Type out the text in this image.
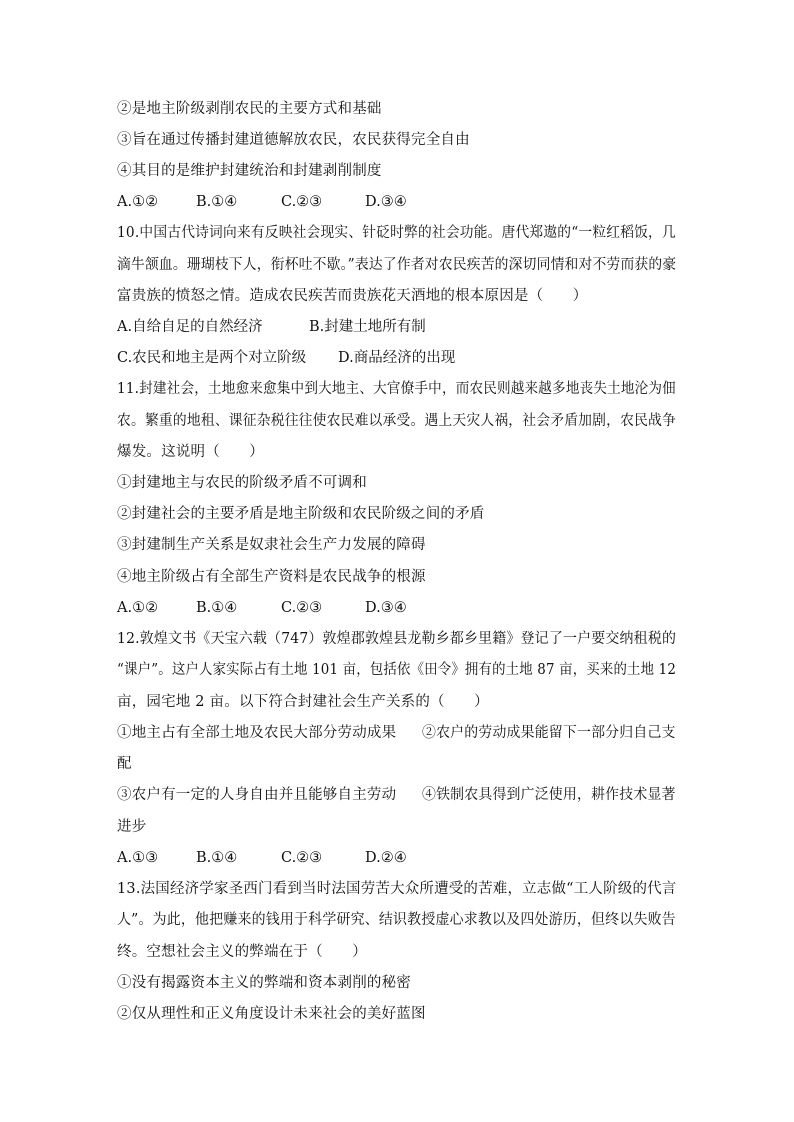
②是地主阶级剥削农民的主要方式和基础
③旨在通过传播封建道德解放农民，农民获得完全自由
④其目的是维护封建统治和封建剥削制度
A.①②	B.①④	C.②③	D.③④
10.中国古代诗词向来有反映社会现实、针砭时弊的社会功能。唐代郑遨的“一粒红稻饭，几
滴牛颔血。珊瑚枝下人，衔杯吐不歇。”表达了作者对农民疾苦的深切同情和对不劳而获的豪
富贵族的愤怒之情。造成农民疾苦而贵族花天酒地的根本原因是（　　）
A.自给自足的自然经济	B.封建土地所有制
C.农民和地主是两个对立阶级 D.商品经济的出现
11.封建社会，土地愈来愈集中到大地主、大官僚手中，而农民则越来越多地丧失土地沦为佃
农。繁重的地租、课征杂税往往使农民难以承受。遇上天灾人祸，社会矛盾加剧，农民战争
爆发。这说明（　　）
①封建地主与农民的阶级矛盾不可调和
②封建社会的主要矛盾是地主阶级和农民阶级之间的矛盾
③封建制生产关系是奴隶社会生产力发展的障碍
④地主阶级占有全部生产资料是农民战争的根源
A.①②	B.①④	C.②③	D.③④
12.敦煌文书《天宝六载（747）敦煌郡敦煌县龙勒乡都乡里籍》登记了一户要交纳租税的
“课户”。这户人家实际占有土地 101 亩，包括依《田令》拥有的土地 87 亩，买来的土地 12
亩，园宅地 2 亩。以下符合封建社会生产关系的（　　）
①地主占有全部土地及农民大部分劳动成果 ②农户的劳动成果能留下一部分归自己支
配
③农户有一定的人身自由并且能够自主劳动 ④铁制农具得到广泛使用，耕作技术显著
进步
A.①③	B.①④	C.②③	D.②④
13.法国经济学家圣西门看到当时法国劳苦大众所遭受的苦难，立志做“工人阶级的代言
人”。为此，他把赚来的钱用于科学研究、结识教授虚心求教以及四处游历，但终以失败告
终。空想社会主义的弊端在于（　　）
①没有揭露资本主义的弊端和资本剥削的秘密
②仅从理性和正义角度设计未来社会的美好蓝图
